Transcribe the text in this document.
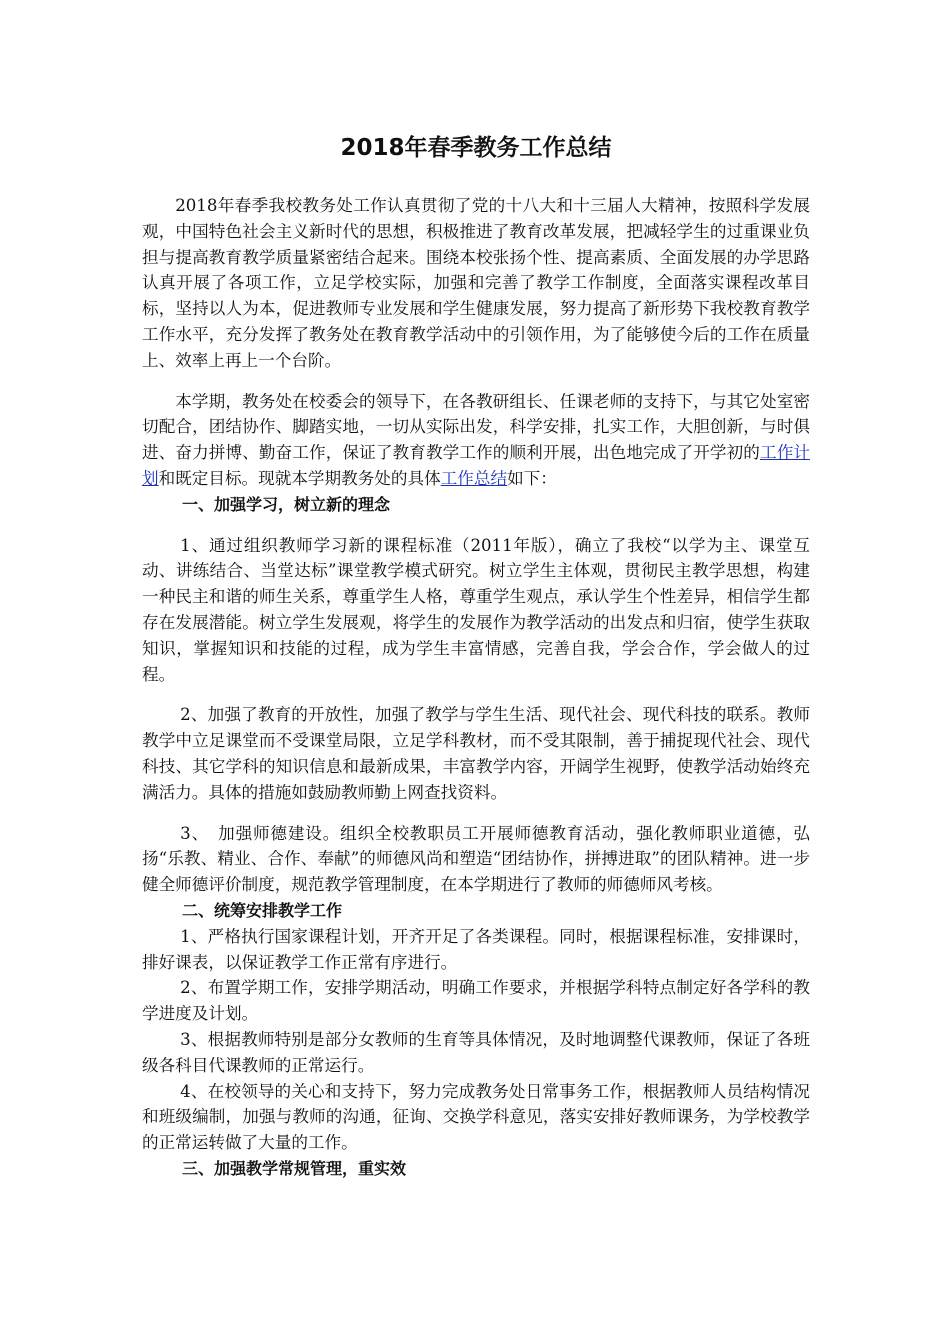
2018年春季教务工作总结

2018年春季我校教务处工作认真贯彻了党的十八大和十三届人大精神，按照科学发展观，中国特色社会主义新时代的思想，积极推进了教育改革发展，把减轻学生的过重课业负担与提高教育教学质量紧密结合起来。围绕本校张扬个性、提高素质、全面发展的办学思路认真开展了各项工作，立足学校实际，加强和完善了教学工作制度，全面落实课程改革目标，坚持以人为本，促进教师专业发展和学生健康发展，努力提高了新形势下我校教育教学工作水平，充分发挥了教务处在教育教学活动中的引领作用，为了能够使今后的工作在质量上、效率上再上一个台阶。

本学期，教务处在校委会的领导下，在各教研组长、任课老师的支持下，与其它处室密切配合，团结协作、脚踏实地，一切从实际出发，科学安排，扎实工作，大胆创新，与时俱进、奋力拼博、勤奋工作，保证了教育教学工作的顺利开展，出色地完成了开学初的工作计划和既定目标。现就本学期教务处的具体工作总结如下：

一、加强学习，树立新的理念

1、通过组织教师学习新的课程标准（2011年版），确立了我校“以学为主、课堂互动、讲练结合、当堂达标”课堂教学模式研究。树立学生主体观，贯彻民主教学思想，构建一种民主和谐的师生关系，尊重学生人格，尊重学生观点，承认学生个性差异，相信学生都存在发展潜能。树立学生发展观，将学生的发展作为教学活动的出发点和归宿，使学生获取知识，掌握知识和技能的过程，成为学生丰富情感，完善自我，学会合作，学会做人的过程。

2、加强了教育的开放性，加强了教学与学生生活、现代社会、现代科技的联系。教师教学中立足课堂而不受课堂局限，立足学科教材，而不受其限制，善于捕捉现代社会、现代科技、其它学科的知识信息和最新成果，丰富教学内容，开阔学生视野，使教学活动始终充满活力。具体的措施如鼓励教师勤上网查找资料。

3、　加强师德建设。组织全校教职员工开展师德教育活动，强化教师职业道德，弘扬“乐教、精业、合作、奉献”的师德风尚和塑造“团结协作，拼搏进取”的团队精神。进一步健全师德评价制度，规范教学管理制度，在本学期进行了教师的师德师风考核。

二、统筹安排教学工作

1、严格执行国家课程计划，开齐开足了各类课程。同时，根据课程标准，安排课时，排好课表，以保证教学工作正常有序进行。

2、布置学期工作，安排学期活动，明确工作要求，并根据学科特点制定好各学科的教学进度及计划。

3、根据教师特别是部分女教师的生育等具体情况，及时地调整代课教师，保证了各班级各科目代课教师的正常运行。

4、在校领导的关心和支持下，努力完成教务处日常事务工作，根据教师人员结构情况和班级编制，加强与教师的沟通，征询、交换学科意见，落实安排好教师课务，为学校教学的正常运转做了大量的工作。

三、加强教学常规管理，重实效
